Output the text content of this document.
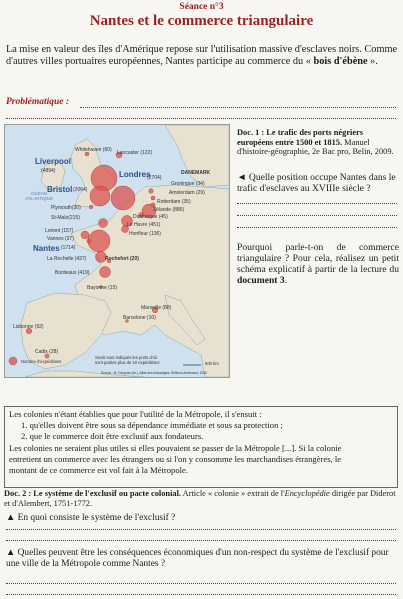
Séance n°3
Nantes et le commerce triangulaire
La mise en valeur des îles d'Amérique repose sur l'utilisation massive d'esclaves noirs. Comme d'autres villes portuaires européennes, Nantes participe au commerce du « bois d'ébène ».
Problématique :
OCÉAN ATLANTIQUE
Whitehaven (60) Lancaster (122)
Liverpool
(4894)
Bristol (2064)
Plymouth(30)
Londres
(2704)
DANEMARK
Groningue (34)
Amsterdam (29)
Rotterdam (35)
Zélande (886)
Dunkerque (45)
Le Havre (451)
Honfleur (136)
St-Malo(215)
Lorient (157)
Vannes (37)
Nantes (1714)
La Rochelle (427)	Rochefort (20)
Bordeaux (419)
Bayonne (15)
Marseille (88)
Lisbonne (92)
Barcelone (10)
Cadix (28)
Nombre d'expéditions
Seuls sont indiqués les ports d'où sont parties plus de 10 expéditions	500 km
Source : M. Gergoire (dir.), Atlas des esclavages, Éditions Autrement, 2006
Doc. 1 : Le trafic des ports négriers européens entre 1500 et 1815. Manuel d'histoire-géographie, 2e Bac pro, Belin, 2009.
◄ Quelle position occupe Nantes dans le trafic d'esclaves au XVIIIe siècle ?
Pourquoi parle-t-on de commerce triangulaire ? Pour cela, réalisez un petit schéma explicatif à partir de la lecture du document 3.
Les colonies n'étant établies que pour l'utilité de la Métropole, il s'ensuit :
1. qu'elles doivent être sous sa dépendance immédiate et sous sa protection ;
2. que le commerce doit être exclusif aux fondateurs.
Les colonies ne seraient plus utiles si elles pouvaient se passer de la Métropole [...]. Si la colonie
entretient un commerce avec les étrangers ou si l'on y consomme les marchandises étrangères, le
montant de ce commerce est vol fait à la Métropole.
Doc. 2 : Le système de l'exclusif ou pacte colonial. Article « colonie » extrait de l'Encyclopédie dirigée par Diderot et d'Alembert, 1751-1772.
▲ En quoi consiste le système de l'exclusif ?
▲ Quelles peuvent être les conséquences économiques d'un non-respect du système de l'exclusif pour une ville de la Métropole comme Nantes ?
